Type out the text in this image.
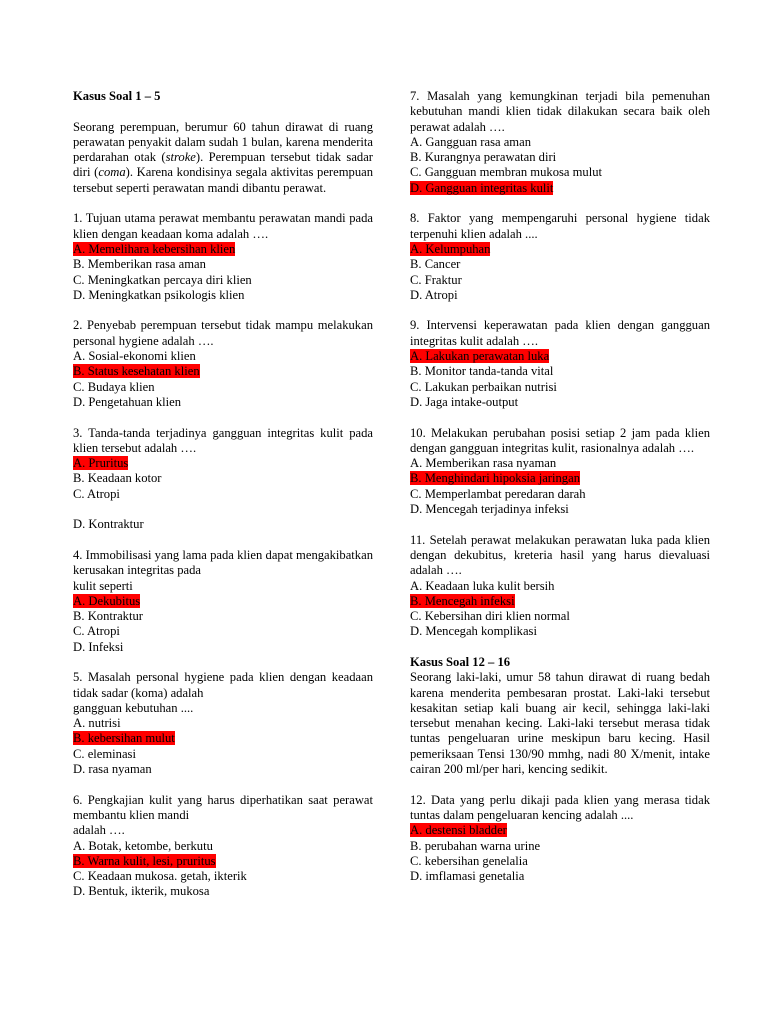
Kasus Soal 1 – 5
Seorang perempuan, berumur 60 tahun dirawat di ruang perawatan penyakit dalam sudah 1 bulan, karena menderita perdarahan otak (stroke). Perempuan tersebut tidak sadar diri (coma). Karena kondisinya segala aktivitas perempuan tersebut seperti perawatan mandi dibantu perawat.
1. Tujuan utama perawat membantu perawatan mandi pada klien dengan keadaan koma adalah ….
A. Memelihara kebersihan klien
B. Memberikan rasa aman
C. Meningkatkan percaya diri klien
D. Meningkatkan psikologis klien
2. Penyebab perempuan tersebut tidak mampu melakukan personal hygiene adalah ….
A. Sosial-ekonomi klien
B. Status kesehatan klien
C. Budaya klien
D. Pengetahuan klien
3. Tanda-tanda terjadinya gangguan integritas kulit pada klien tersebut adalah ….
A. Pruritus
B. Keadaan kotor
C. Atropi
D. Kontraktur
4. Immobilisasi yang lama pada klien dapat mengakibatkan kerusakan integritas pada
kulit seperti
A. Dekubitus
B. Kontraktur
C. Atropi
D. Infeksi
5. Masalah personal hygiene pada klien dengan keadaan tidak sadar (koma) adalah
gangguan kebutuhan ....
A. nutrisi
B. kebersihan mulut
C. eleminasi
D. rasa nyaman
6. Pengkajian kulit yang harus diperhatikan saat perawat membantu klien mandi
adalah ….
A. Botak, ketombe, berkutu
B. Warna kulit, lesi, pruritus
C. Keadaan mukosa. getah, ikterik
D. Bentuk, ikterik, mukosa
7. Masalah yang kemungkinan terjadi bila pemenuhan kebutuhan mandi klien tidak dilakukan secara baik oleh perawat adalah ….
A. Gangguan rasa aman
B. Kurangnya perawatan diri
C. Gangguan membran mukosa mulut
D. Gangguan integritas kulit
8. Faktor yang mempengaruhi personal hygiene tidak terpenuhi klien adalah ....
A. Kelumpuhan
B. Cancer
C. Fraktur
D. Atropi
9. Intervensi keperawatan pada klien dengan gangguan integritas kulit adalah ….
A. Lakukan perawatan luka
B. Monitor tanda-tanda vital
C. Lakukan perbaikan nutrisi
D. Jaga intake-output
10. Melakukan perubahan posisi setiap 2 jam pada klien dengan gangguan integritas kulit, rasionalnya adalah ….
A. Memberikan rasa nyaman
B. Menghindari hipoksia jaringan
C. Memperlambat peredaran darah
D. Mencegah terjadinya infeksi
11. Setelah perawat melakukan perawatan luka pada klien dengan dekubitus, kreteria hasil yang harus dievaluasi adalah ….
A. Keadaan luka kulit bersih
B. Mencegah infeksi
C. Kebersihan diri klien normal
D. Mencegah komplikasi
Kasus Soal 12 – 16
Seorang laki-laki, umur 58 tahun dirawat di ruang bedah karena menderita pembesaran prostat. Laki-laki tersebut kesakitan setiap kali buang air kecil, sehingga laki-laki tersebut menahan kecing. Laki-laki tersebut merasa tidak tuntas pengeluaran urine meskipun baru kecing. Hasil pemeriksaan Tensi 130/90 mmhg, nadi 80 X/menit, intake cairan 200 ml/per hari, kencing sedikit.
12. Data yang perlu dikaji pada klien yang merasa tidak tuntas dalam pengeluaran kencing adalah ....
A. destensi bladder
B. perubahan warna urine
C. kebersihan genelalia
D. imflamasi genetalia
